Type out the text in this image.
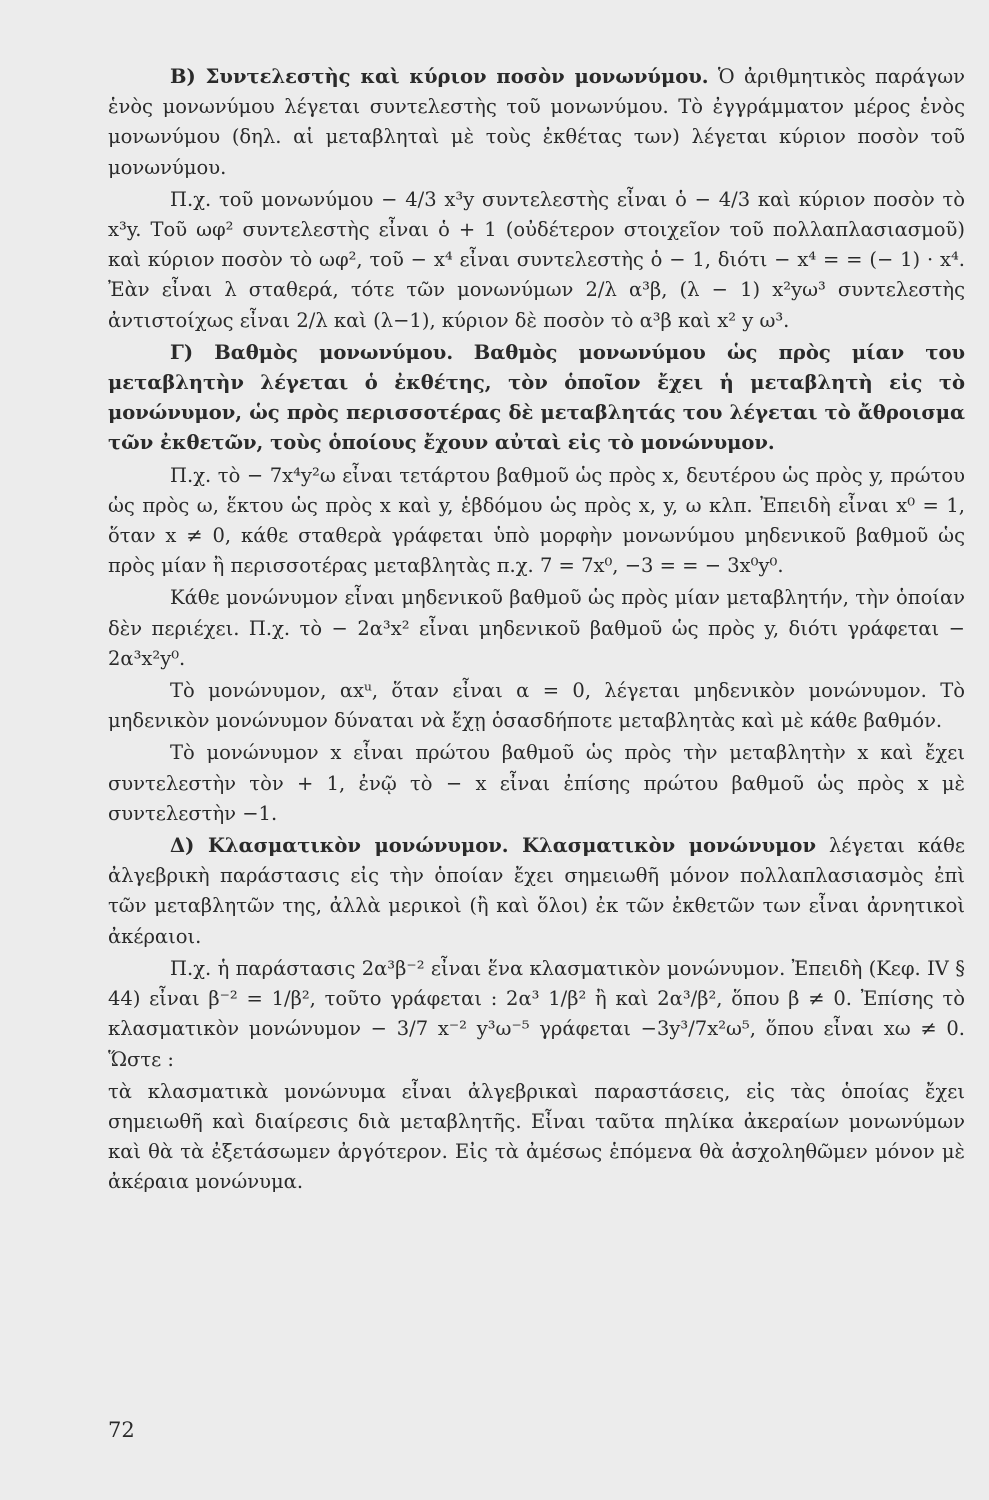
Β) Συντελεστὴς καὶ κύριον ποσὸν μονωνύμου. Ὁ ἀριθμητικὸς παράγων ἑνὸς μονωνύμου λέγεται συντελεστὴς τοῦ μονωνύμου. Τὸ ἐγγράμματον μέρος ἑνὸς μονωνύμου (δηλ. αἱ μεταβληταὶ μὲ τοὺς ἐκθέτας των) λέγεται κύριον ποσὸν τοῦ μονωνύμου.

Π.χ. τοῦ μονωνύμου − 4/3 x³y συντελεστὴς εἶναι ὁ − 4/3 καὶ κύριον ποσὸν τὸ x³y. Τοῦ ωφ² συντελεστὴς εἶναι ὁ + 1 (οὐδέτερον στοιχεῖον τοῦ πολλαπλασιασμοῦ) καὶ κύριον ποσὸν τὸ ωφ², τοῦ − x⁴ εἶναι συντελεστὴς ὁ − 1, διότι − x⁴ = = (− 1) · x⁴. Ἐὰν εἶναι λ σταθερά, τότε τῶν μονωνύμων 2/λ α³β, (λ − 1) x²yω³ συντελεστὴς ἀντιστοίχως εἶναι 2/λ καὶ (λ−1), κύριον δὲ ποσὸν τὸ α³β καὶ x² y ω³.

Γ) Βαθμὸς μονωνύμου. Βαθμὸς μονωνύμου ὡς πρὸς μίαν του μεταβλητὴν λέγεται ὁ ἐκθέτης, τὸν ὁποῖον ἔχει ἡ μεταβλητὴ εἰς τὸ μονώνυμον, ὡς πρὸς περισσοτέρας δὲ μεταβλητάς του λέγεται τὸ ἄθροισμα τῶν ἐκθετῶν, τοὺς ὁποίους ἔχουν αὐταὶ εἰς τὸ μονώνυμον.

Π.χ. τὸ − 7x⁴y²ω εἶναι τετάρτου βαθμοῦ ὡς πρὸς x, δευτέρου ὡς πρὸς y, πρώτου ὡς πρὸς ω, ἕκτου ὡς πρὸς x καὶ y, ἑβδόμου ὡς πρὸς x, y, ω κλπ. Ἐπειδὴ εἶναι x⁰ = 1, ὅταν x ≠ 0, κάθε σταθερὰ γράφεται ὑπὸ μορφὴν μονωνύμου μηδενικοῦ βαθμοῦ ὡς πρὸς μίαν ἢ περισσοτέρας μεταβλητὰς π.χ. 7 = 7x⁰, −3 = = − 3x⁰y⁰.

Κάθε μονώνυμον εἶναι μηδενικοῦ βαθμοῦ ὡς πρὸς μίαν μεταβλητήν, τὴν ὁποίαν δὲν περιέχει. Π.χ. τὸ − 2α³x² εἶναι μηδενικοῦ βαθμοῦ ὡς πρὸς y, διότι γράφεται − 2α³x²y⁰.

Τὸ μονώνυμον, αxᵘ, ὅταν εἶναι α = 0, λέγεται μηδενικὸν μονώνυμον. Τὸ μηδενικὸν μονώνυμον δύναται νὰ ἔχῃ ὁσασδήποτε μεταβλητὰς καὶ μὲ κάθε βαθμόν.

Τὸ μονώνυμον x εἶναι πρώτου βαθμοῦ ὡς πρὸς τὴν μεταβλητὴν x καὶ ἔχει συντελεστὴν τὸν + 1, ἐνῷ τὸ − x εἶναι ἐπίσης πρώτου βαθμοῦ ὡς πρὸς x μὲ συντελεστὴν −1.

Δ) Κλασματικὸν μονώνυμον. Κλασματικὸν μονώνυμον λέγεται κάθε ἀλγεβρικὴ παράστασις εἰς τὴν ὁποίαν ἔχει σημειωθῆ μόνον πολλαπλασιασμὸς ἐπὶ τῶν μεταβλητῶν της, ἀλλὰ μερικοὶ (ἢ καὶ ὅλοι) ἐκ τῶν ἐκθετῶν των εἶναι ἀρνητικοὶ ἀκέραιοι.

Π.χ. ἡ παράστασις 2α³β⁻² εἶναι ἕνα κλασματικὸν μονώνυμον. Ἐπειδὴ (Κεφ. IV § 44) εἶναι β⁻² = 1/β², τοῦτο γράφεται : 2α³ 1/β² ἢ καὶ 2α³/β², ὅπου β ≠ 0. Ἐπίσης τὸ κλασματικὸν μονώνυμον − 3/7 x⁻² y³ω⁻⁵ γράφεται −3y³/7x²ω⁵, ὅπου εἶναι xω ≠ 0. Ὥστε :

τὰ κλασματικὰ μονώνυμα εἶναι ἀλγεβρικαὶ παραστάσεις, εἰς τὰς ὁποίας ἔχει σημειωθῆ καὶ διαίρεσις διὰ μεταβλητῆς. Εἶναι ταῦτα πηλίκα ἀκεραίων μονωνύμων καὶ θὰ τὰ ἐξετάσωμεν ἀργότερον. Εἰς τὰ ἀμέσως ἑπόμενα θὰ ἀσχοληθῶμεν μόνον μὲ ἀκέραια μονώνυμα.

72
